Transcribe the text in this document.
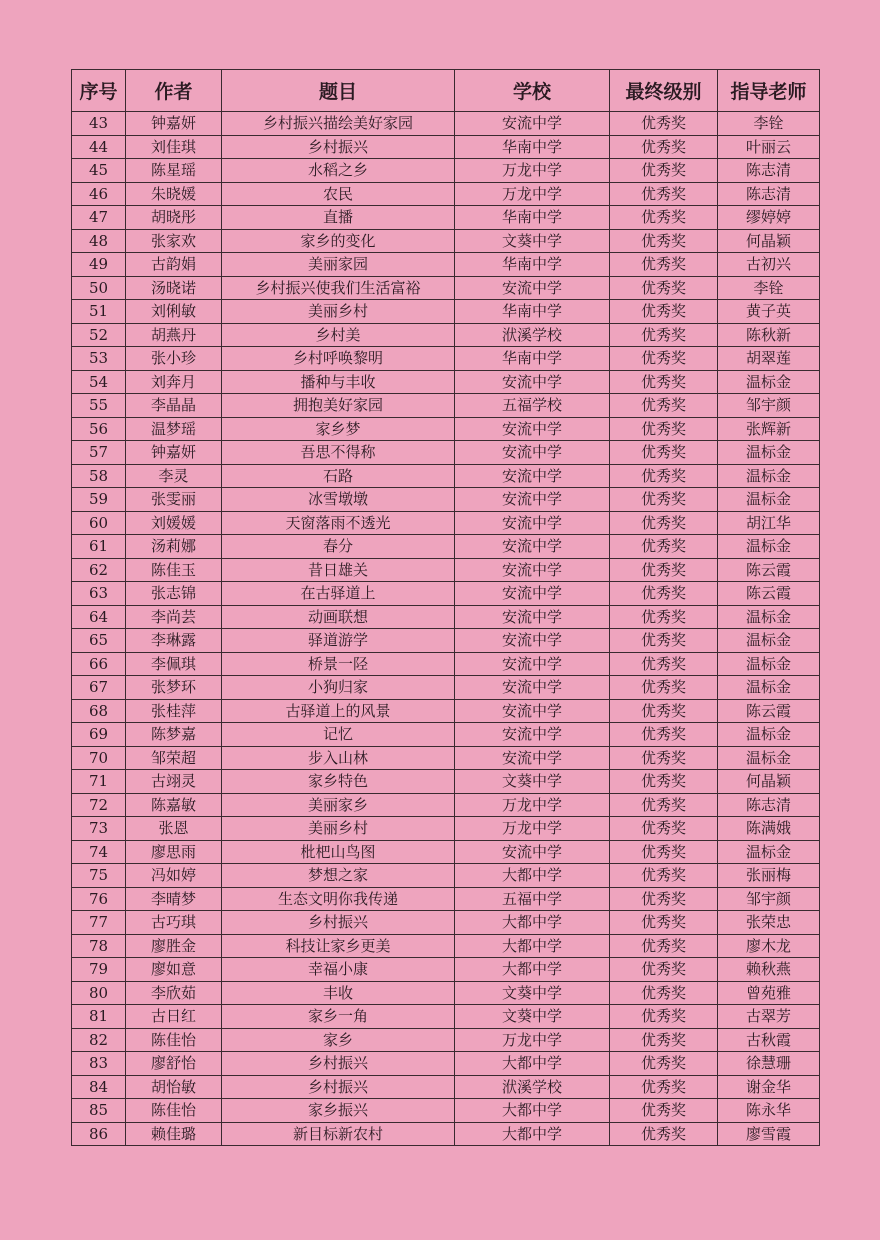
序号	作者	题目	学校	最终级别	指导老师
43	钟嘉妍	乡村振兴描绘美好家园	安流中学	优秀奖	李铨
44	刘佳琪	乡村振兴	华南中学	优秀奖	叶丽云
45	陈星瑶	水稻之乡	万龙中学	优秀奖	陈志清
46	朱晓媛	农民	万龙中学	优秀奖	陈志清
47	胡晓彤	直播	华南中学	优秀奖	缪婷婷
48	张家欢	家乡的变化	文葵中学	优秀奖	何晶颖
49	古韵娟	美丽家园	华南中学	优秀奖	古初兴
50	汤晓诺	乡村振兴使我们生活富裕	安流中学	优秀奖	李铨
51	刘俐敏	美丽乡村	华南中学	优秀奖	黄子英
52	胡燕丹	乡村美	洑溪学校	优秀奖	陈秋新
53	张小珍	乡村呼唤黎明	华南中学	优秀奖	胡翠莲
54	刘奔月	播种与丰收	安流中学	优秀奖	温标金
55	李晶晶	拥抱美好家园	五福学校	优秀奖	邹宇颜
56	温梦瑶	家乡梦	安流中学	优秀奖	张辉新
57	钟嘉妍	吾思不得称	安流中学	优秀奖	温标金
58	李灵	石路	安流中学	优秀奖	温标金
59	张雯丽	冰雪墩墩	安流中学	优秀奖	温标金
60	刘媛媛	天窗落雨不透光	安流中学	优秀奖	胡江华
61	汤莉娜	春分	安流中学	优秀奖	温标金
62	陈佳玉	昔日雄关	安流中学	优秀奖	陈云霞
63	张志锦	在古驿道上	安流中学	优秀奖	陈云霞
64	李尚芸	动画联想	安流中学	优秀奖	温标金
65	李琳露	驿道游学	安流中学	优秀奖	温标金
66	李佩琪	桥景一陉	安流中学	优秀奖	温标金
67	张梦环	小狗归家	安流中学	优秀奖	温标金
68	张桂萍	古驿道上的风景	安流中学	优秀奖	陈云霞
69	陈梦嘉	记忆	安流中学	优秀奖	温标金
70	邹荣超	步入山林	安流中学	优秀奖	温标金
71	古翊灵	家乡特色	文葵中学	优秀奖	何晶颖
72	陈嘉敏	美丽家乡	万龙中学	优秀奖	陈志清
73	张恩	美丽乡村	万龙中学	优秀奖	陈满娥
74	廖思雨	枇杷山鸟图	安流中学	优秀奖	温标金
75	冯如婷	梦想之家	大都中学	优秀奖	张丽梅
76	李晴梦	生态文明你我传递	五福中学	优秀奖	邹宇颜
77	古巧琪	乡村振兴	大都中学	优秀奖	张荣忠
78	廖胜金	科技让家乡更美	大都中学	优秀奖	廖木龙
79	廖如意	幸福小康	大都中学	优秀奖	赖秋燕
80	李欣茹	丰收	文葵中学	优秀奖	曾苑雅
81	古日红	家乡一角	文葵中学	优秀奖	古翠芳
82	陈佳怡	家乡	万龙中学	优秀奖	古秋霞
83	廖舒怡	乡村振兴	大都中学	优秀奖	徐慧珊
84	胡怡敏	乡村振兴	洑溪学校	优秀奖	谢金华
85	陈佳怡	家乡振兴	大都中学	优秀奖	陈永华
86	赖佳璐	新目标新农村	大都中学	优秀奖	廖雪霞
